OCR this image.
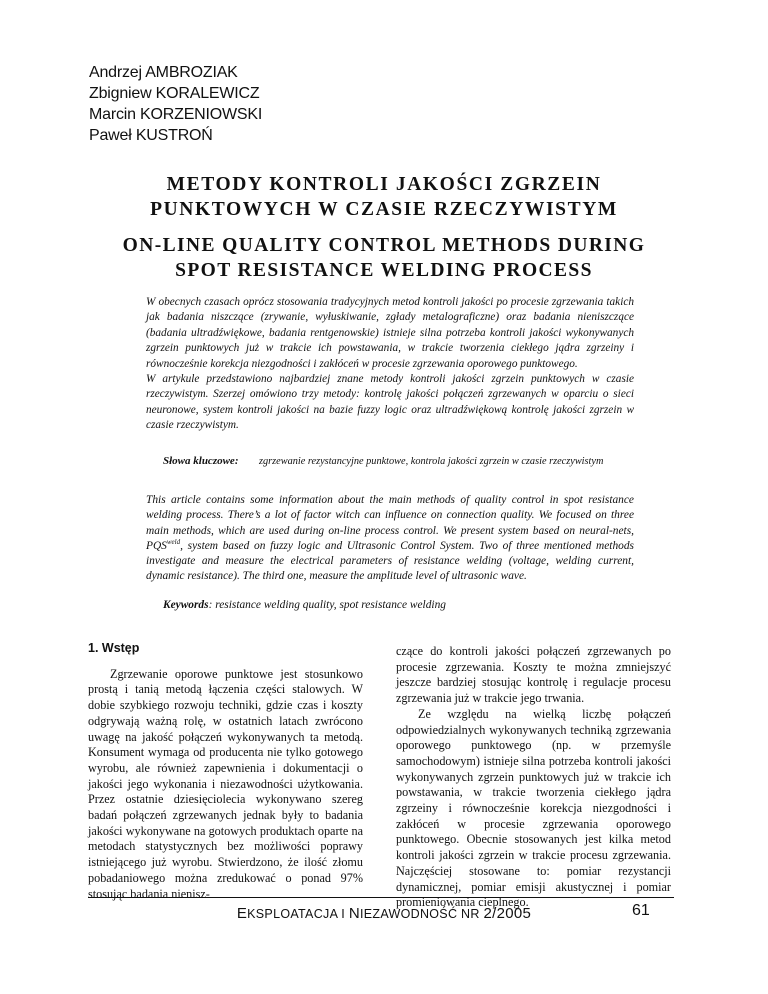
Andrzej AMBROZIAK
Zbigniew KORALEWICZ
Marcin KORZENIOWSKI
Paweł KUSTROŃ
METODY KONTROLI JAKOŚCI ZGRZEIN PUNKTOWYCH W CZASIE RZECZYWISTYM
ON-LINE QUALITY CONTROL METHODS DURING SPOT RESISTANCE WELDING PROCESS

W obecnych czasach oprócz stosowania tradycyjnych metod kontroli jakości po procesie zgrzewania takich jak badania niszczące (zrywanie, wyłuskiwanie, zgłady metalograficzne) oraz badania nieniszczące (badania ultradźwiękowe, badania rentgenowskie) istnieje silna potrzeba kontroli jakości wykonywanych zgrzein punktowych już w trakcie ich powstawania, w trakcie tworzenia ciekłego jądra zgrzeiny i równocześnie korekcja niezgodności i zakłóceń w procesie zgrzewania oporowego punktowego.

W artykule przedstawiono najbardziej znane metody kontroli jakości zgrzein punktowych w czasie rzeczywistym. Szerzej omówiono trzy metody: kontrolę jakości połączeń zgrzewanych w oparciu o sieci neuronowe, system kontroli jakości na bazie fuzzy logic oraz ultradźwiękową kontrolę jakości zgrzein w czasie rzeczywistym.

Słowa kluczowe: zgrzewanie rezystancyjne punktowe, kontrola jakości zgrzein w czasie rzeczywistym
This article contains some information about the main methods of quality control in spot resistance welding process. There’s a lot of factor witch can influence on connection quality. We focused on three main methods, which are used during on-line process control. We present system based on neural-nets, $PQS^{weld}$, system based on fuzzy logic and Ultrasonic Control System. Two of three mentioned methods investigate and measure the electrical parameters of resistance welding (voltage, welding current, dynamic resistance). The third one, measure the amplitude level of ultrasonic wave.
Keywords: resistance welding quality, spot resistance welding
1. Wstęp

Zgrzewanie oporowe punktowe jest stosunkowo prostą i tanią metodą łączenia części stalowych. W dobie szybkiego rozwoju techniki, gdzie czas i koszty odgrywają ważną rolę, w ostatnich latach zwrócono uwagę na jakość połączeń wykonywanych ta metodą. Konsument wymaga od producenta nie tylko gotowego wyrobu, ale również zapewnienia i dokumentacji o jakości jego wykonania i niezawodności użytkowania. Przez ostatnie dziesięciolecia wykonywano szereg badań połączeń zgrzewanych jednak były to badania jakości wykonywane na gotowych produktach oparte na metodach statystycznych bez możliwości poprawy istniejącego już wyrobu. Stwierdzono, że ilość złomu pobadaniowego można zredukować o ponad 97% stosując badania nienisz-

czące do kontroli jakości połączeń zgrzewanych po procesie zgrzewania. Koszty te można zmniejszyć jeszcze bardziej stosując kontrolę i regulacje procesu zgrzewania już w trakcie jego trwania.

Ze względu na wielką liczbę połączeń odpowiedzialnych wykonywanych techniką zgrzewania oporowego punktowego (np. w przemyśle samochodowym) istnieje silna potrzeba kontroli jakości wykonywanych zgrzein punktowych już w trakcie ich powstawania, w trakcie tworzenia ciekłego jądra zgrzeiny i równocześnie korekcja niezgodności i zakłóceń w procesie zgrzewania oporowego punktowego. Obecnie stosowanych jest kilka metod kontroli jakości zgrzein w trakcie procesu zgrzewania. Najczęściej stosowane to: pomiar rezystancji dynamicznej, pomiar emisji akustycznej i pomiar promieniowania cieplnego.

EKSPLOATACJA I NIEZAWODNOŚĆ NR 2/2005	61
